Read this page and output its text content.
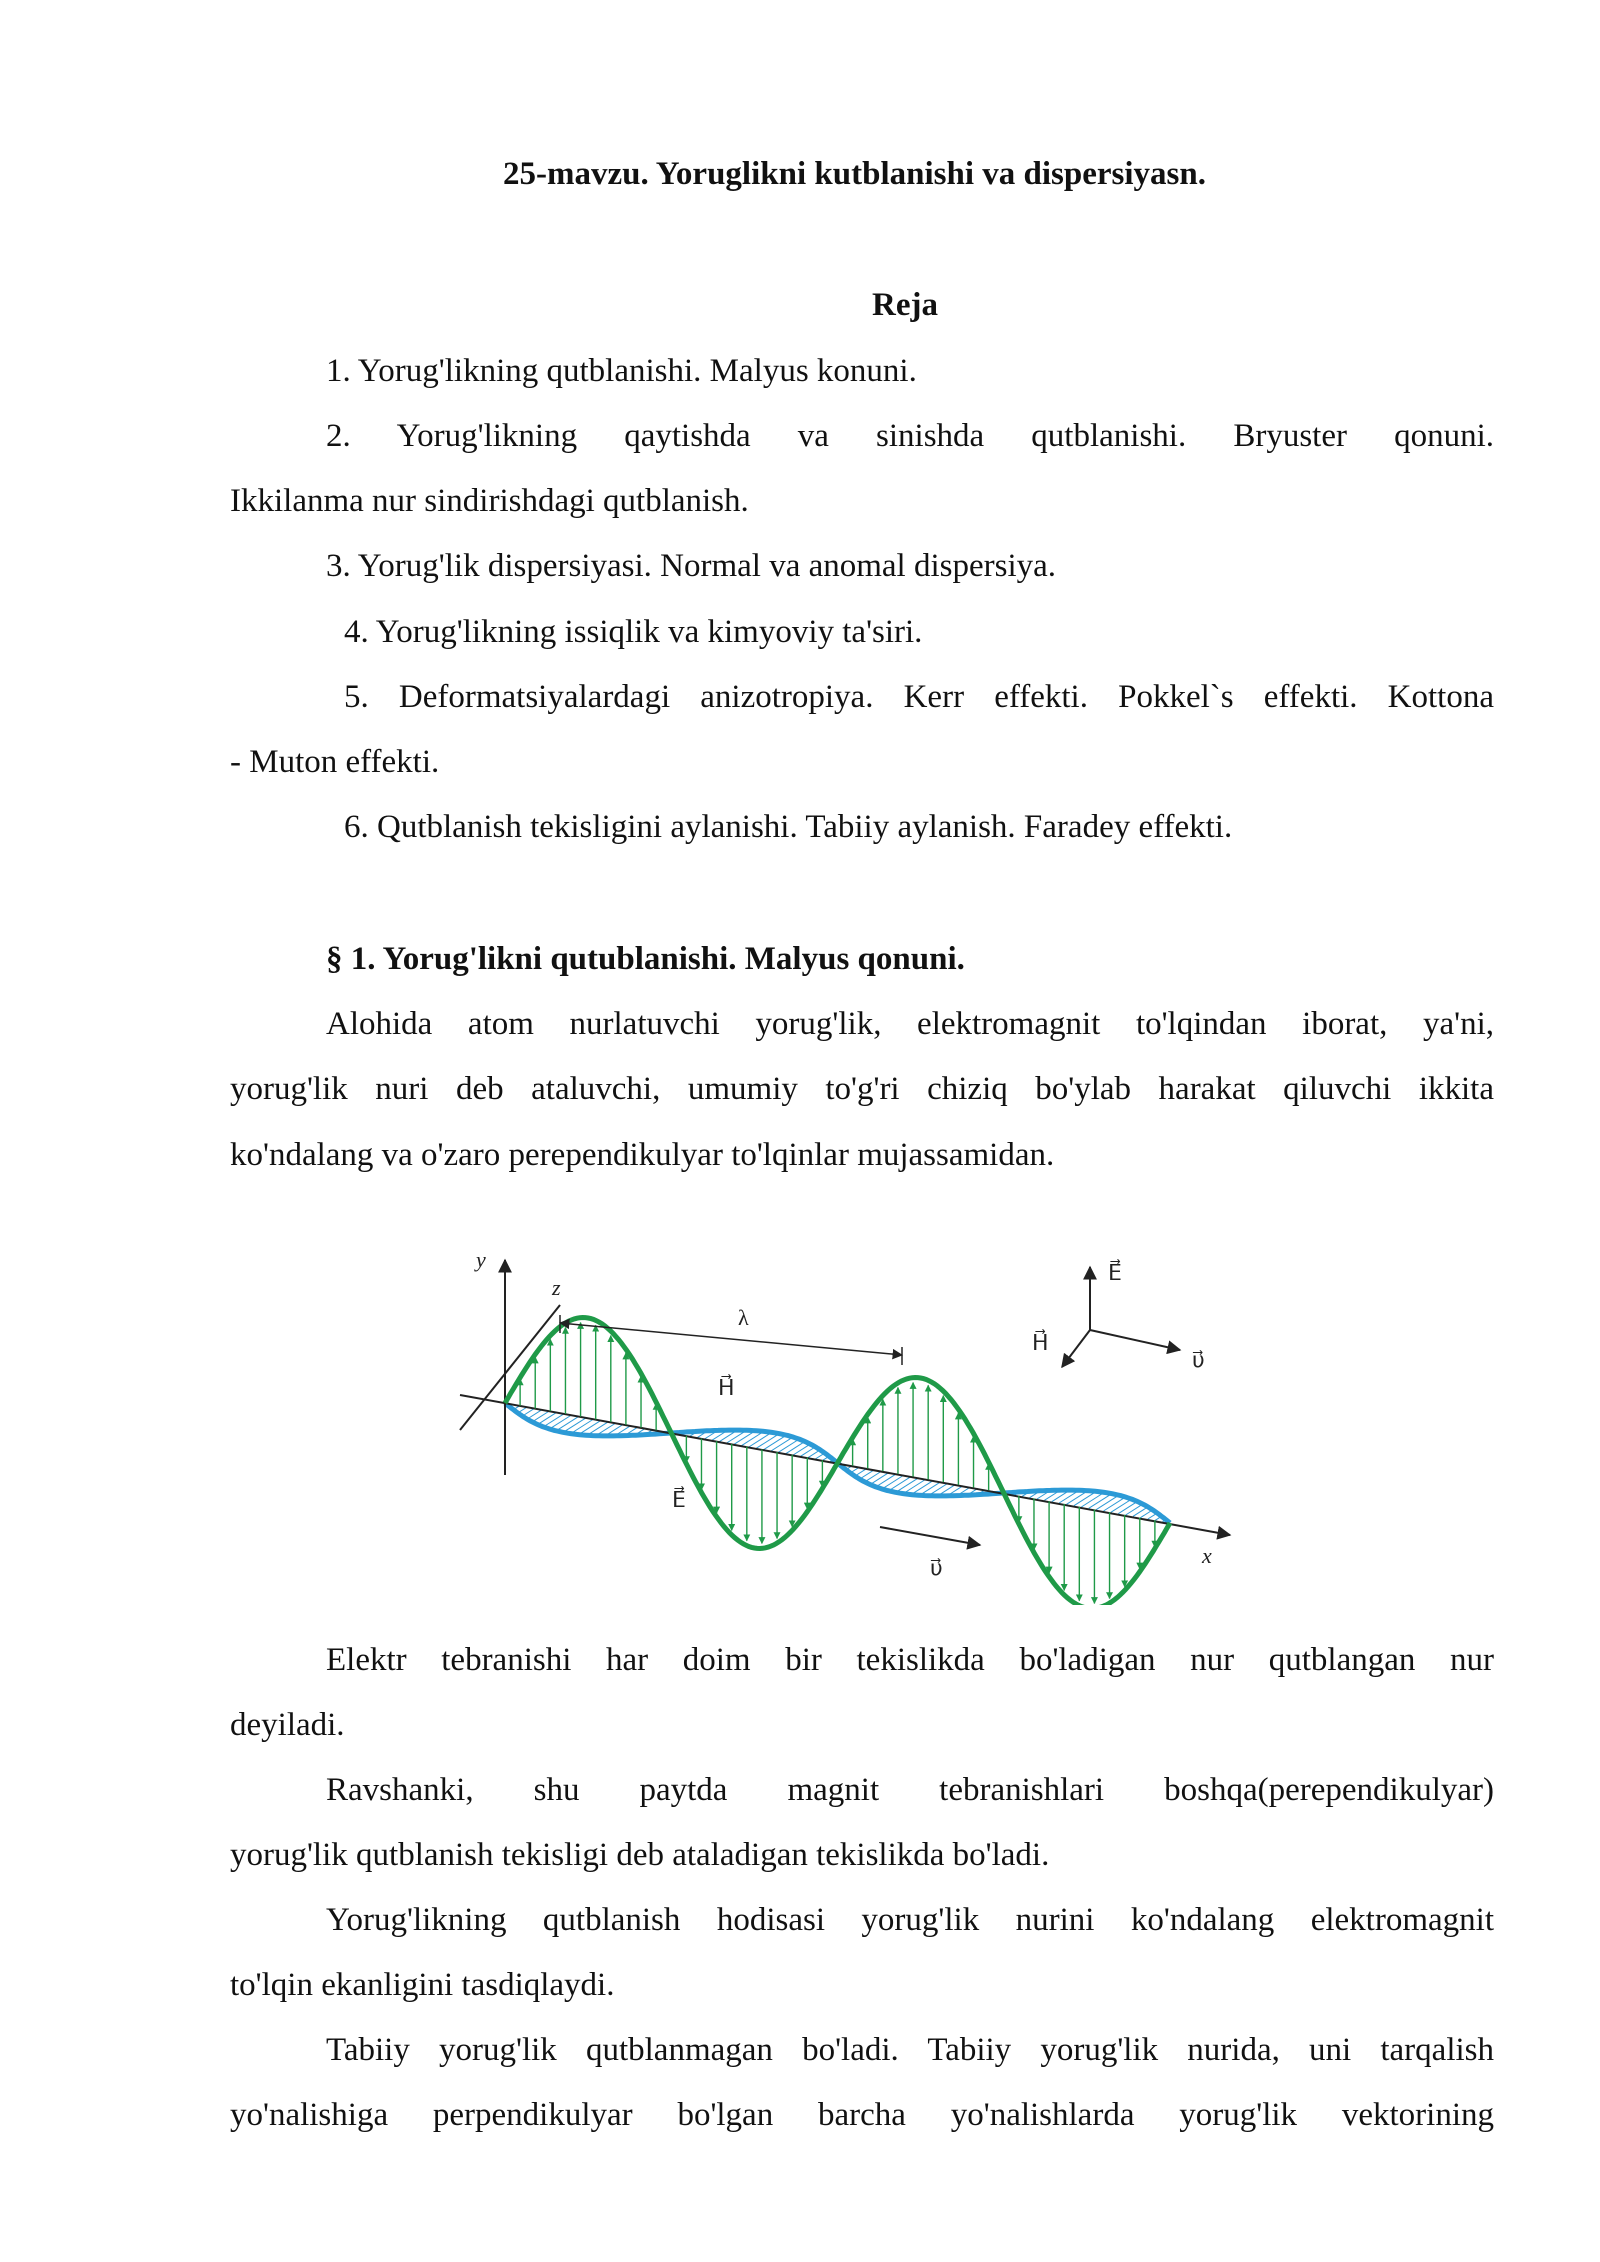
25-mavzu. Yoruglikni kutblanishi va dispersiyasn.
Reja
1. Yorug'likning qutblanishi. Malyus konuni.
2. Yorug'likning qaytishda va sinishda qutblanishi. Bryuster qonuni.
Ikkilanma nur sindirishdagi qutblanish.
3. Yorug'lik dispersiyasi. Normal va anomal dispersiya.
4. Yorug'likning issiqlik va kimyoviy ta'siri.
5. Deformatsiyalardagi anizotropiya. Kerr effekti. Pokkel`s effekti. Kottona
- Muton effekti.
6. Qutblanish tekisligini aylanishi. Tabiiy aylanish. Faradey effekti.
§ 1. Yorug'likni qutublanishi. Malyus qonuni.
Alohida atom nurlatuvchi yorug'lik, elektromagnit to'lqindan iborat, ya'ni,
yorug'lik nuri deb ataluvchi, umumiy to'g'ri chiziq bo'ylab harakat qiluvchi ikkita
ko'ndalang va o'zaro perependikulyar to'lqinlar mujassamidan.
y
z
x
λ
H⃗
E⃗
υ⃗
E⃗
H⃗
υ⃗
Elektr tebranishi har doim bir tekislikda bo'ladigan nur qutblangan nur
deyiladi.
Ravshanki, shu paytda magnit tebranishlari boshqa(perependikulyar)
yorug'lik qutblanish tekisligi deb ataladigan tekislikda bo'ladi.
Yorug'likning qutblanish hodisasi yorug'lik nurini ko'ndalang elektromagnit
to'lqin ekanligini tasdiqlaydi.
Tabiiy yorug'lik qutblanmagan bo'ladi. Tabiiy yorug'lik nurida, uni tarqalish
yo'nalishiga perpendikulyar bo'lgan barcha yo'nalishlarda yorug'lik vektorining
